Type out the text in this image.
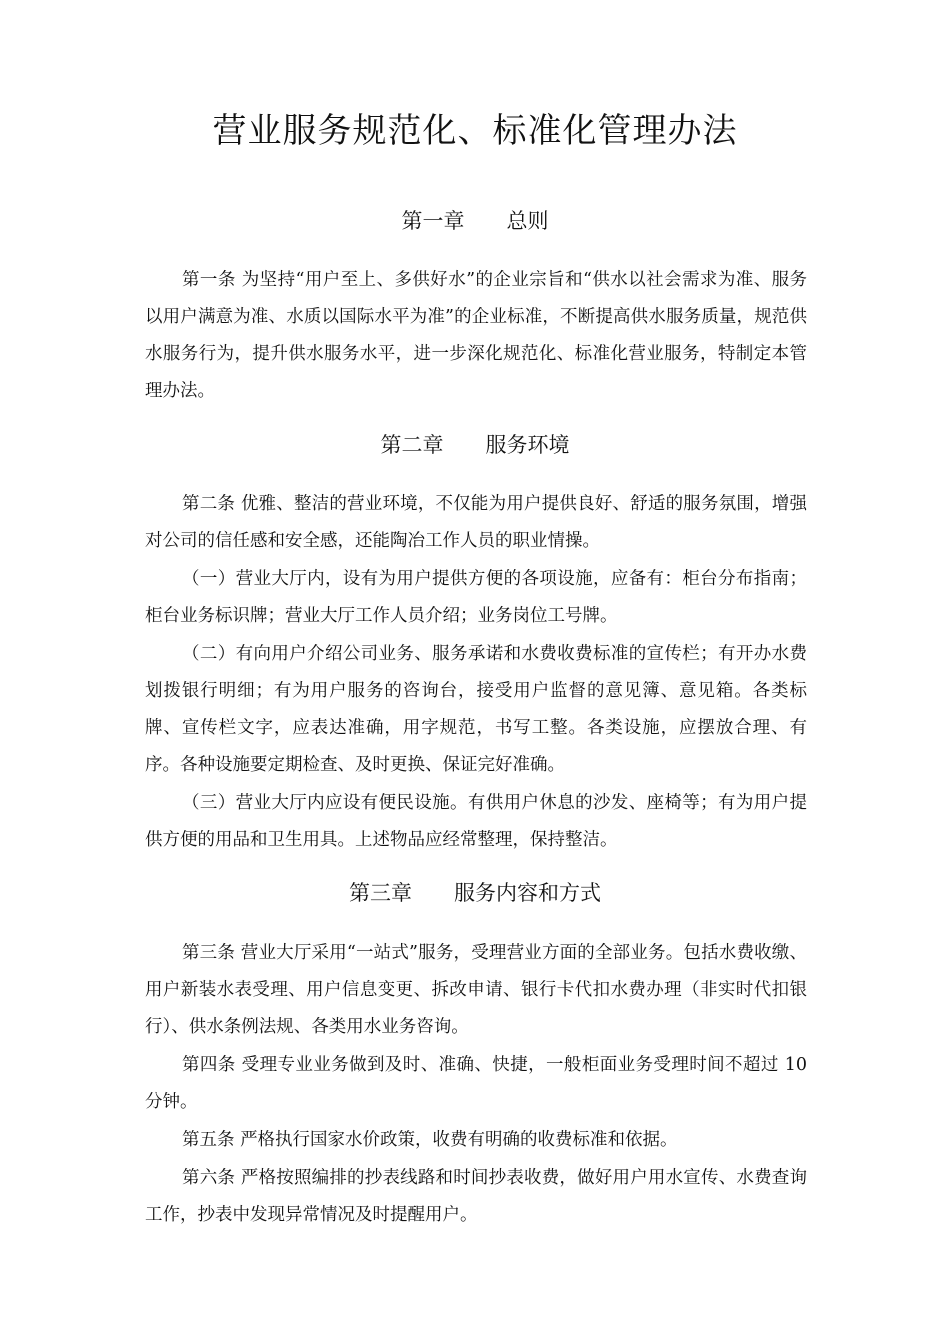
营业服务规范化、标准化管理办法
第一章　　总则

第一条 为坚持“用户至上、多供好水”的企业宗旨和“供水以社会需求为准、服务以用户满意为准、水质以国际水平为准”的企业标准，不断提高供水服务质量，规范供水服务行为，提升供水服务水平，进一步深化规范化、标准化营业服务，特制定本管理办法。

第二章　　服务环境

第二条 优雅、整洁的营业环境，不仅能为用户提供良好、舒适的服务氛围，增强对公司的信任感和安全感，还能陶冶工作人员的职业情操。

（一）营业大厅内，设有为用户提供方便的各项设施，应备有：柜台分布指南；柜台业务标识牌；营业大厅工作人员介绍；业务岗位工号牌。

（二）有向用户介绍公司业务、服务承诺和水费收费标准的宣传栏；有开办水费划拨银行明细；有为用户服务的咨询台，接受用户监督的意见簿、意见箱。各类标牌、宣传栏文字，应表达准确，用字规范，书写工整。各类设施，应摆放合理、有序。各种设施要定期检查、及时更换、保证完好准确。

（三）营业大厅内应设有便民设施。有供用户休息的沙发、座椅等；有为用户提供方便的用品和卫生用具。上述物品应经常整理，保持整洁。

第三章　　服务内容和方式

第三条 营业大厅采用“一站式”服务，受理营业方面的全部业务。包括水费收缴、用户新装水表受理、用户信息变更、拆改申请、银行卡代扣水费办理（非实时代扣银行）、供水条例法规、各类用水业务咨询。

第四条 受理专业业务做到及时、准确、快捷，一般柜面业务受理时间不超过 10 分钟。

第五条 严格执行国家水价政策，收费有明确的收费标准和依据。

第六条 严格按照编排的抄表线路和时间抄表收费，做好用户用水宣传、水费查询工作，抄表中发现异常情况及时提醒用户。
